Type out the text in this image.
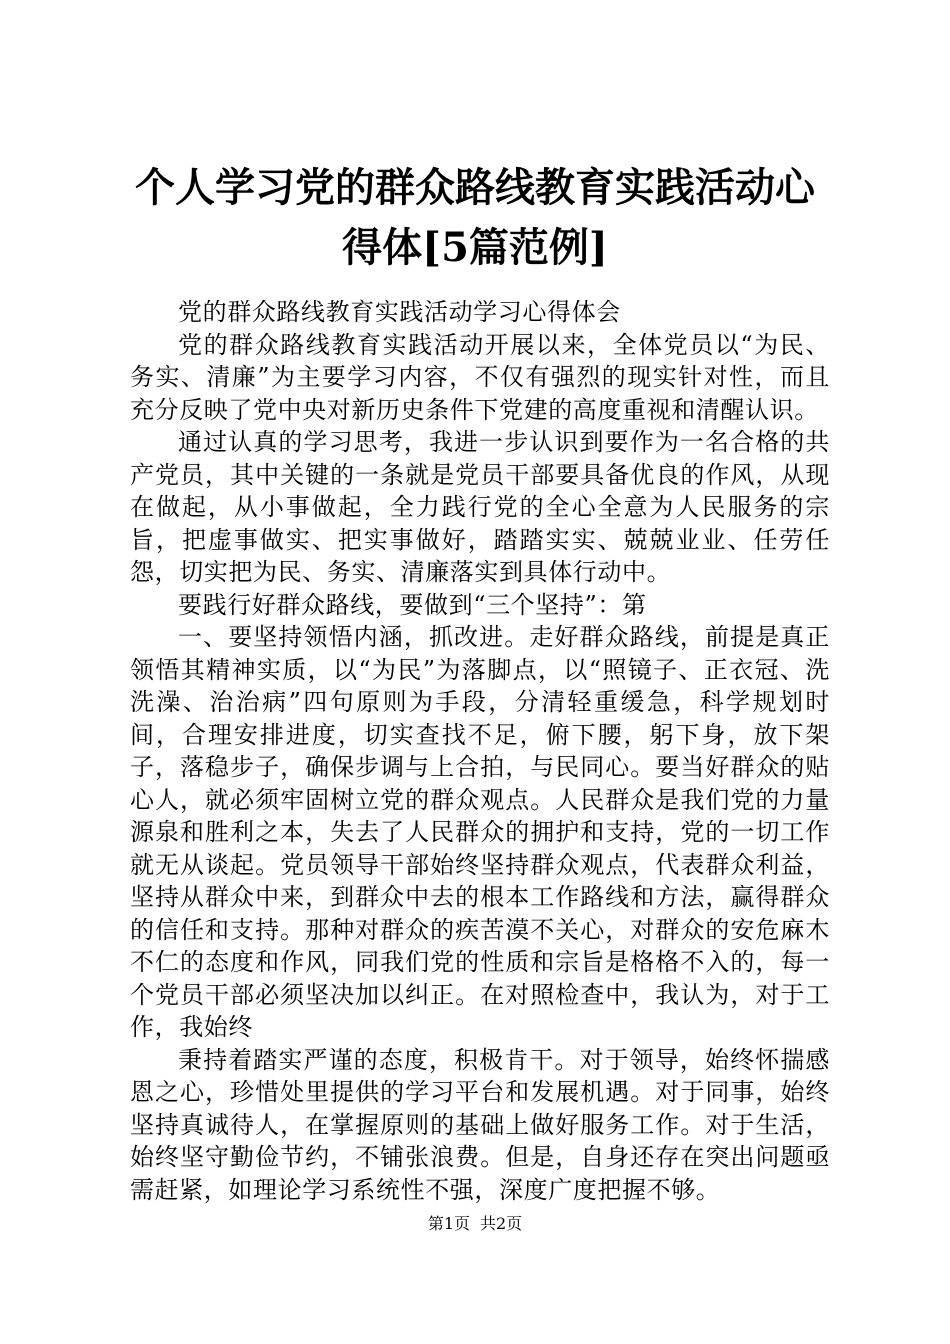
个人学习党的群众路线教育实践活动心得体[5篇范例]

党的群众路线教育实践活动学习心得体会

党的群众路线教育实践活动开展以来，全体党员以“为民、务实、清廉”为主要学习内容，不仅有强烈的现实针对性，而且充分反映了党中央对新历史条件下党建的高度重视和清醒认识。

通过认真的学习思考，我进一步认识到要作为一名合格的共产党员，其中关键的一条就是党员干部要具备优良的作风，从现在做起，从小事做起，全力践行党的全心全意为人民服务的宗旨，把虚事做实、把实事做好，踏踏实实、兢兢业业、任劳任怨，切实把为民、务实、清廉落实到具体行动中。

要践行好群众路线，要做到“三个坚持”：第

一、要坚持领悟内涵，抓改进。走好群众路线，前提是真正领悟其精神实质，以“为民”为落脚点，以“照镜子、正衣冠、洗洗澡、治治病”四句原则为手段，分清轻重缓急，科学规划时间，合理安排进度，切实查找不足，俯下腰，躬下身，放下架子，落稳步子，确保步调与上合拍，与民同心。要当好群众的贴心人，就必须牢固树立党的群众观点。人民群众是我们党的力量源泉和胜利之本，失去了人民群众的拥护和支持，党的一切工作就无从谈起。党员领导干部始终坚持群众观点，代表群众利益，坚持从群众中来，到群众中去的根本工作路线和方法，赢得群众的信任和支持。那种对群众的疾苦漠不关心，对群众的安危麻木不仁的态度和作风，同我们党的性质和宗旨是格格不入的，每一个党员干部必须坚决加以纠正。在对照检查中，我认为，对于工作，我始终

秉持着踏实严谨的态度，积极肯干。对于领导，始终怀揣感恩之心，珍惜处里提供的学习平台和发展机遇。对于同事，始终坚持真诚待人，在掌握原则的基础上做好服务工作。对于生活，始终坚守勤俭节约，不铺张浪费。但是，自身还存在突出问题亟需赶紧，如理论学习系统性不强，深度广度把握不够。

第1页 共2页
